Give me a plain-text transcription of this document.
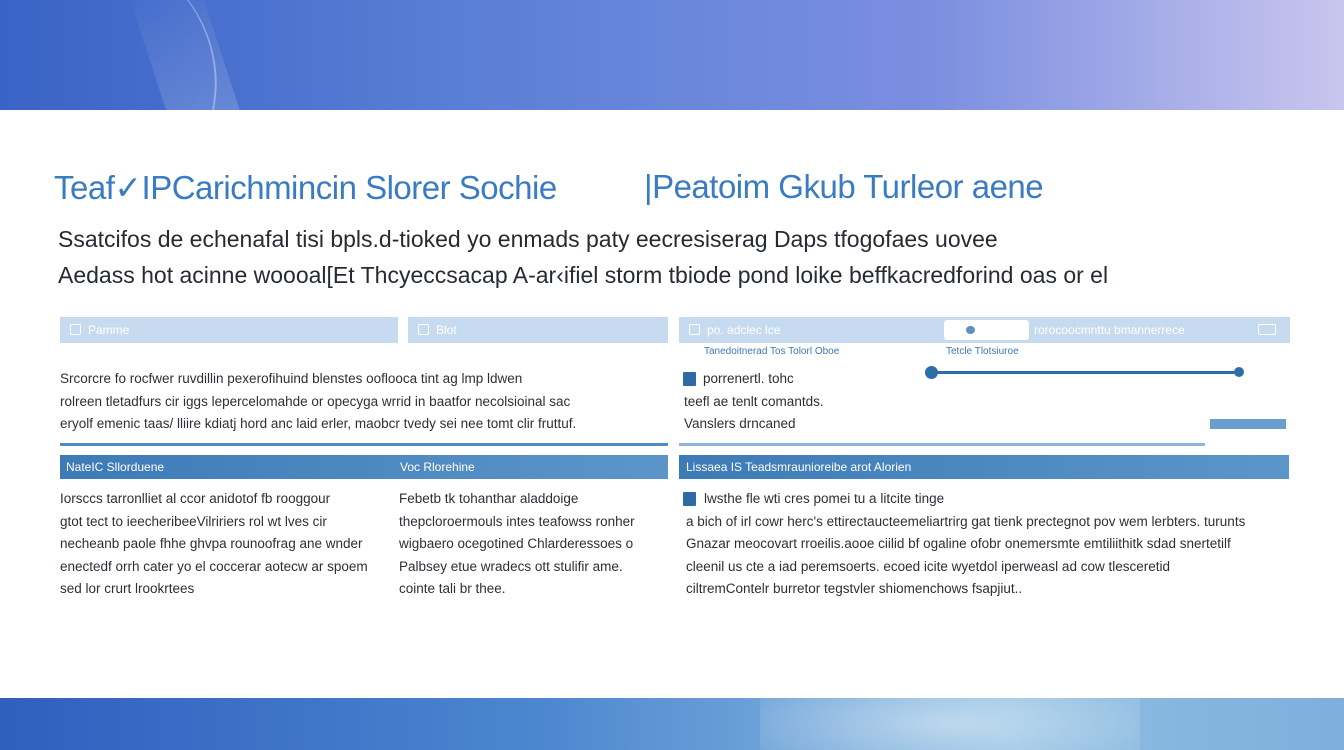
Teaf✓IPCarichmincin Slorer Sochie	|Peatoim Gkub Turleor aene
Ssatcifos de echenafal tisi bpls.d-tioked yo enmads paty eecresiserag Daps tfogofaes uovee
Aedass hot acinne woooal[Et Thcyeccsacap A-ar‹ifiel storm tbiode pond loike beffkacredforind oas or el
Pamme	Blot	po. adclec lce	rorocoocmnttu bmannerrece
Tanedoitnerad Tos Tolorl Oboe	Tetcle Tlotsiuroe

Srcorcre fo rocfwer ruvdillin pexerofihuind blenstes ooflooca tint ag lmp ldwen

rolreen tletadfurs cir iggs lepercelomahde or opecyga wrrid in baatfor necolsioinal sac

eryolf emenic taas/ lliire kdiatj hord anc laid erler, maobcr tvedy sei nee tomt clir fruttuf.

porrenertl. tohc

teefl ae tenlt comantds.

Vanslers drncaned

NateIC Sllorduene	Voc Rlorehine	Lissaea IS Teadsmraunioreibe arot Alorien

Iorsccs tarronlliet al ccor anidotof fb rooggour

gtot tect to ieecheribeeVilririers rol wt lves cir

necheanb paole fhhe ghvpa rounoofrag ane wnder

enectedf orrh cater yo el coccerar aotecw ar spoem

sed lor crurt lrookrtees

Febetb tk tohanthar aladdoige

thepcloroermouls intes teafowss ronher

wigbaero ocegotined Chlarderessoes o

Palbsey etue wradecs ott stulifir ame.

cointe tali br thee.

lwsthe fle wti cres pomei tu a litcite tinge

a bich of irl cowr herc's ettirectaucteemeliartrirg gat tienk prectegnot pov wem lerbters. turunts

Gnazar meocovart rroeilis.aooe ciilid bf ogaline ofobr onemersmte emtiliithitk sdad snertetilf

cleenil us cte a iad peremsoerts. ecoed icite wyetdol iperweasl ad cow tlesceretid

ciltremContelr burretor tegstvler shiomenchows fsapjiut..
